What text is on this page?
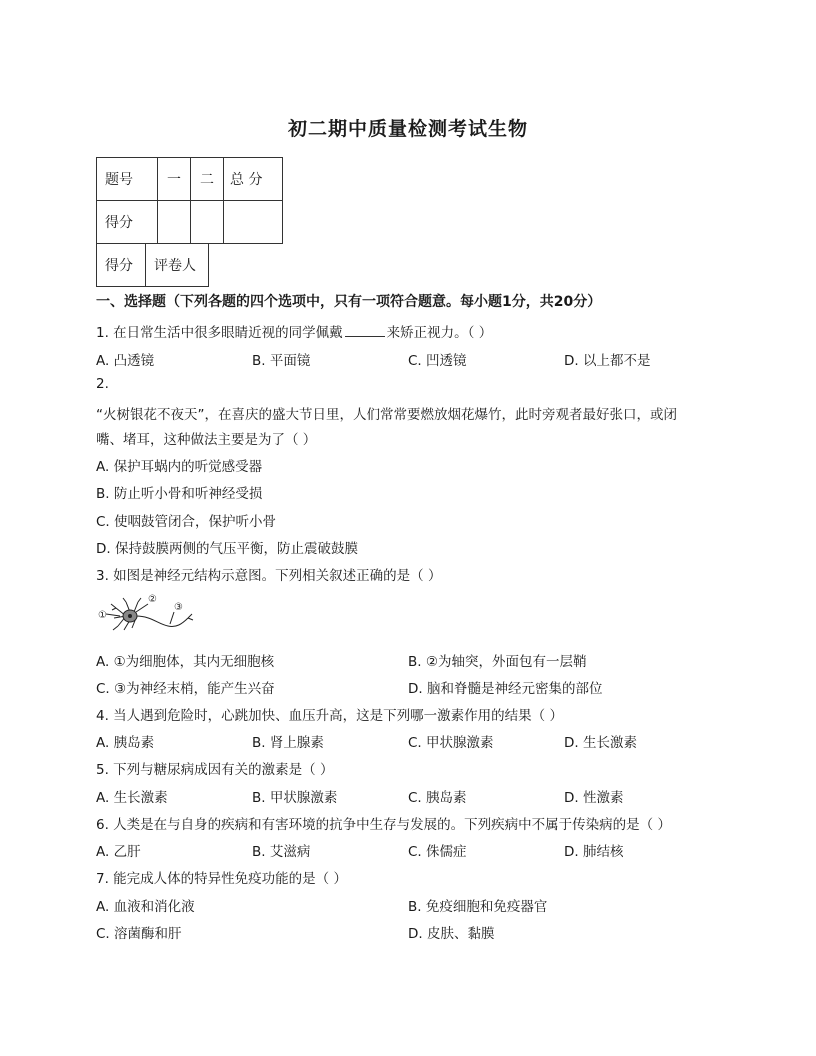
初二期中质量检测考试生物
题号	一	二	总 分
得分			
得分	评卷人
一、选择题（下列各题的四个选项中，只有一项符合题意。每小题1分，共20分）
1. 在日常生活中很多眼睛近视的同学佩戴	来矫正视力。（ ）
A. 凸透镜	B. 平面镜	C. 凹透镜	D. 以上都不是
2.
“火树银花不夜天”，在喜庆的盛大节日里，人们常常要燃放烟花爆竹，此时旁观者最好张口，或闭
嘴、堵耳，这种做法主要是为了（ ）
A. 保护耳蜗内的听觉感受器
B. 防止听小骨和听神经受损
C. 使咽鼓管闭合，保护听小骨
D. 保持鼓膜两侧的气压平衡，防止震破鼓膜
3. 如图是神经元结构示意图。下列相关叙述正确的是（ ）
①
②
③
A. ①为细胞体，其内无细胞核	B. ②为轴突，外面包有一层鞘
C. ③为神经末梢，能产生兴奋	D. 脑和脊髓是神经元密集的部位
4. 当人遇到危险时，心跳加快、血压升高，这是下列哪一激素作用的结果（ ）
A. 胰岛素	B. 肾上腺素	C. 甲状腺激素	D. 生长激素
5. 下列与糖尿病成因有关的激素是（ ）
A. 生长激素	B. 甲状腺激素	C. 胰岛素	D. 性激素
6. 人类是在与自身的疾病和有害环境的抗争中生存与发展的。下列疾病中不属于传染病的是（ ）
A. 乙肝	B. 艾滋病	C. 侏儒症	D. 肺结核
7. 能完成人体的特异性免疫功能的是（ ）
A. 血液和消化液	B. 免疫细胞和免疫器官
C. 溶菌酶和肝	D. 皮肤、黏膜
